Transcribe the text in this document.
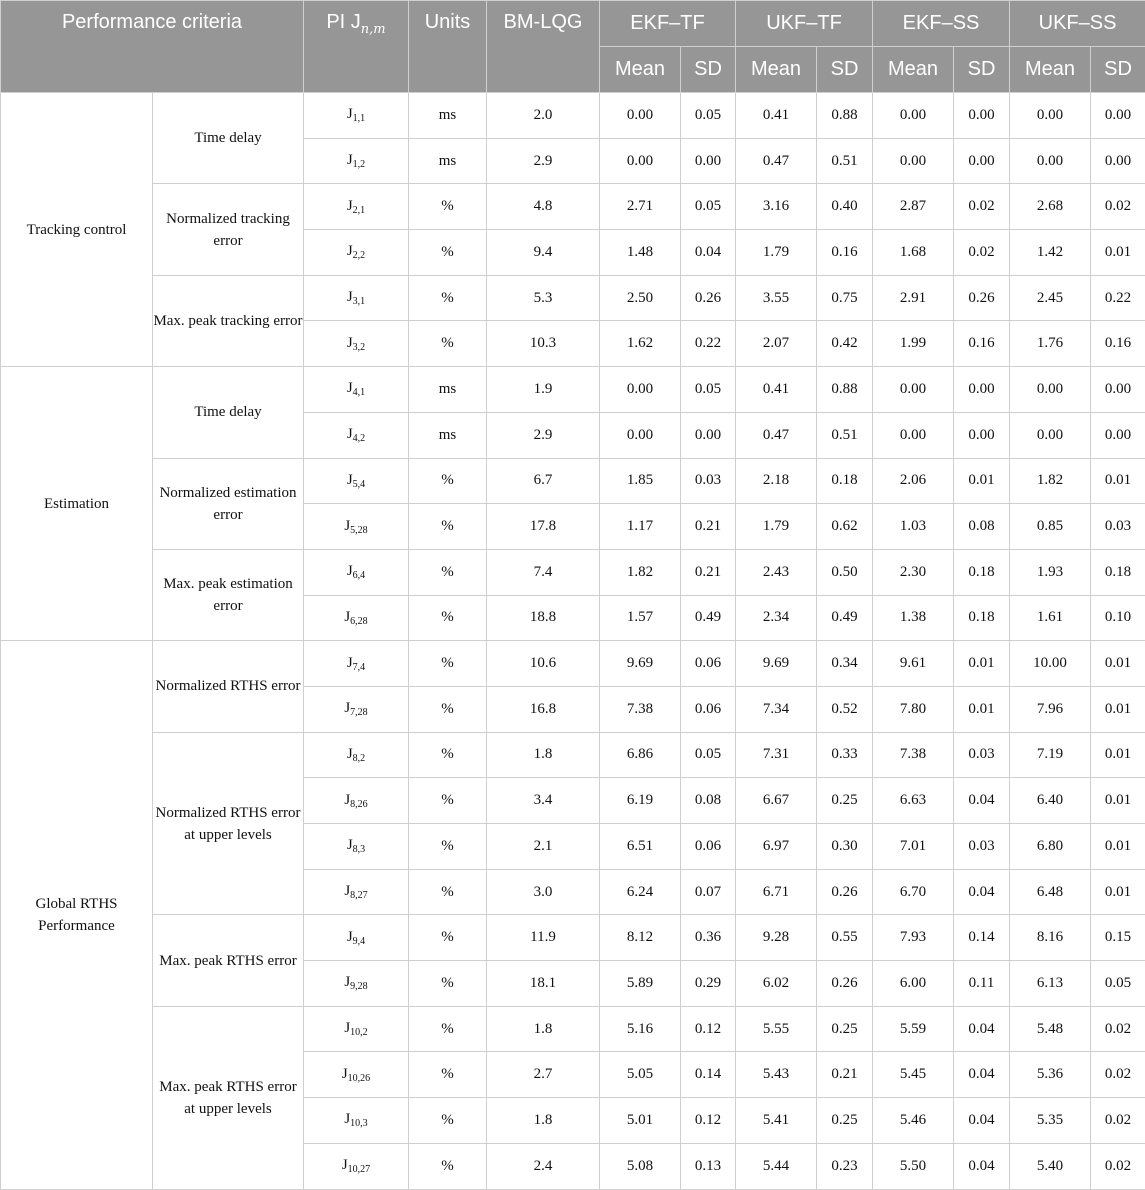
Performance criteria		PI $J_{n,m}$	Units	BM-LQG	EKF–TF		UKF–TF		EKF–SS		UKF–SS	
					Mean	SD	Mean	SD	Mean	SD	Mean	SD
Tracking control	Time delay	$J_{1,1}$	ms	2.0	0.00	0.05	0.41	0.88	0.00	0.00	0.00	0.00
		$J_{1,2}$	ms	2.9	0.00	0.00	0.47	0.51	0.00	0.00	0.00	0.00
	Normalized tracking error	$J_{2,1}$	%	4.8	2.71	0.05	3.16	0.40	2.87	0.02	2.68	0.02
		$J_{2,2}$	%	9.4	1.48	0.04	1.79	0.16	1.68	0.02	1.42	0.01
	Max. peak tracking error	$J_{3,1}$	%	5.3	2.50	0.26	3.55	0.75	2.91	0.26	2.45	0.22
		$J_{3,2}$	%	10.3	1.62	0.22	2.07	0.42	1.99	0.16	1.76	0.16
Estimation	Time delay	$J_{4,1}$	ms	1.9	0.00	0.05	0.41	0.88	0.00	0.00	0.00	0.00
		$J_{4,2}$	ms	2.9	0.00	0.00	0.47	0.51	0.00	0.00	0.00	0.00
	Normalized estimation error	$J_{5,4}$	%	6.7	1.85	0.03	2.18	0.18	2.06	0.01	1.82	0.01
		$J_{5,28}$	%	17.8	1.17	0.21	1.79	0.62	1.03	0.08	0.85	0.03
	Max. peak estimation error	$J_{6,4}$	%	7.4	1.82	0.21	2.43	0.50	2.30	0.18	1.93	0.18
		$J_{6,28}$	%	18.8	1.57	0.49	2.34	0.49	1.38	0.18	1.61	0.10
Global RTHS Performance	Normalized RTHS error	$J_{7,4}$	%	10.6	9.69	0.06	9.69	0.34	9.61	0.01	10.00	0.01
		$J_{7,28}$	%	16.8	7.38	0.06	7.34	0.52	7.80	0.01	7.96	0.01
	Normalized RTHS error at upper levels	$J_{8,2}$	%	1.8	6.86	0.05	7.31	0.33	7.38	0.03	7.19	0.01
		$J_{8,26}$	%	3.4	6.19	0.08	6.67	0.25	6.63	0.04	6.40	0.01
		$J_{8,3}$	%	2.1	6.51	0.06	6.97	0.30	7.01	0.03	6.80	0.01
		$J_{8,27}$	%	3.0	6.24	0.07	6.71	0.26	6.70	0.04	6.48	0.01
	Max. peak RTHS error	$J_{9,4}$	%	11.9	8.12	0.36	9.28	0.55	7.93	0.14	8.16	0.15
		$J_{9,28}$	%	18.1	5.89	0.29	6.02	0.26	6.00	0.11	6.13	0.05
	Max. peak RTHS error at upper levels	$J_{10,2}$	%	1.8	5.16	0.12	5.55	0.25	5.59	0.04	5.48	0.02
		$J_{10,26}$	%	2.7	5.05	0.14	5.43	0.21	5.45	0.04	5.36	0.02
		$J_{10,3}$	%	1.8	5.01	0.12	5.41	0.25	5.46	0.04	5.35	0.02
		$J_{10,27}$	%	2.4	5.08	0.13	5.44	0.23	5.50	0.04	5.40	0.02
